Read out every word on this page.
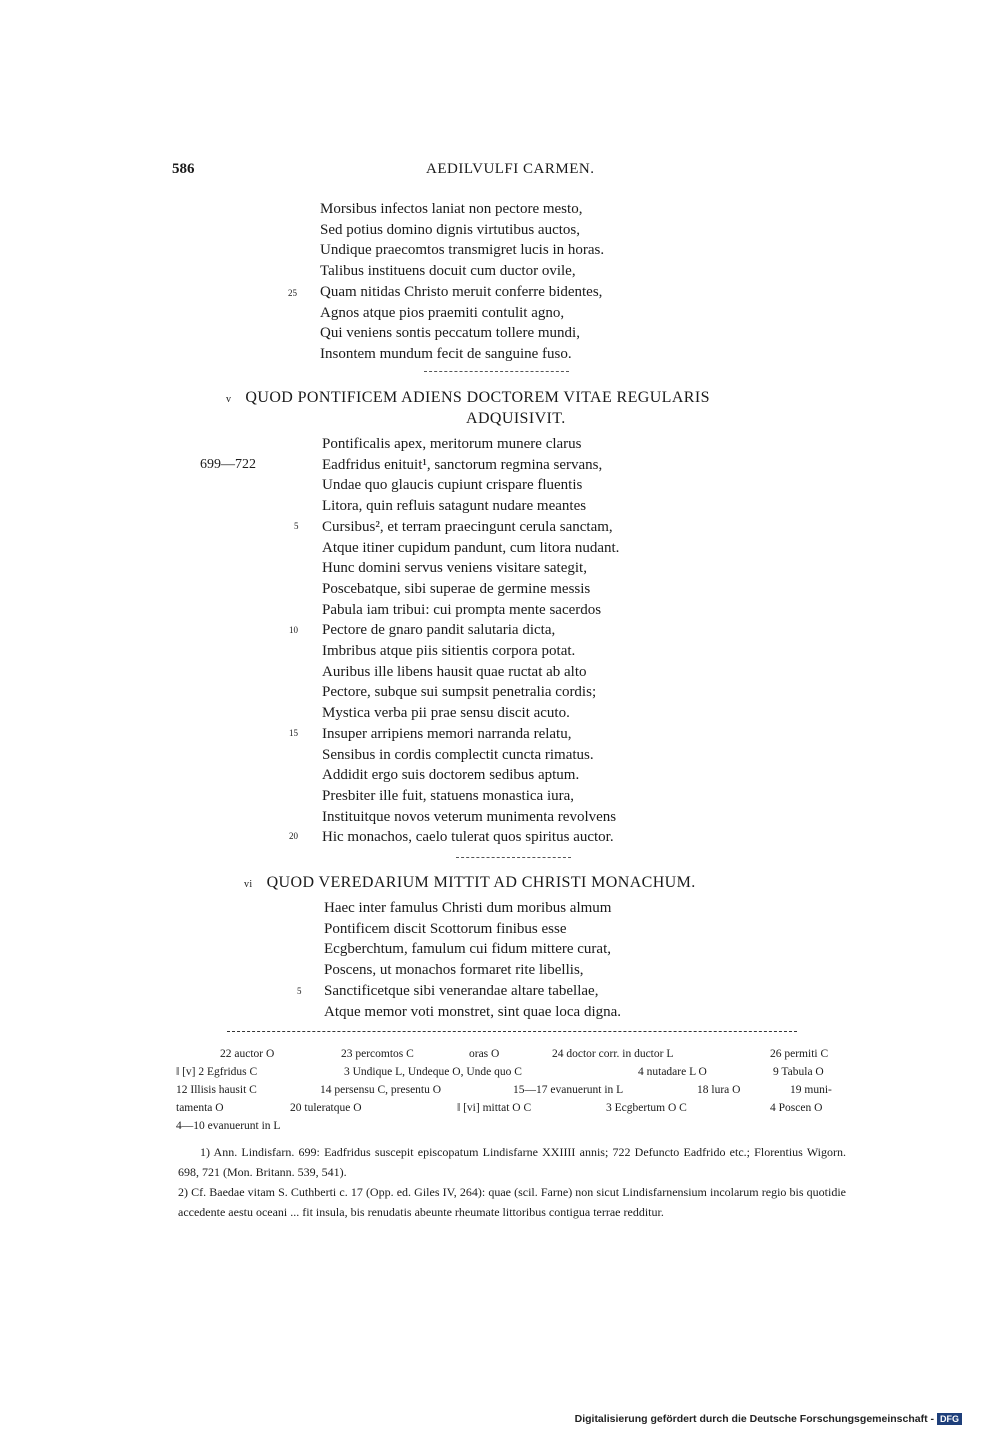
586	AEDILVULFI CARMEN.
Morsibus infectos laniat non pectore mesto,
Sed potius domino dignis virtutibus auctos,
Undique praecomtos transmigret lucis in horas.
Talibus instituens docuit cum ductor ovile,
Quam nitidas Christo meruit conferre bidentes,
Agnos atque pios praemiti contulit agno,
Qui veniens sontis peccatum tollere mundi,
Insontem mundum fecit de sanguine fuso.
25
v QUOD PONTIFICEM ADIENS DOCTOREM VITAE REGULARIS
ADQUISIVIT.
699—722
Pontificalis apex, meritorum munere clarus
Eadfridus enituit¹, sanctorum regmina servans,
Undae quo glaucis cupiunt crispare fluentis
Litora, quin refluis satagunt nudare meantes
Cursibus², et terram praecingunt cerula sanctam,
Atque itiner cupidum pandunt, cum litora nudant.
Hunc domini servus veniens visitare sategit,
Poscebatque, sibi superae de germine messis
Pabula iam tribui: cui prompta mente sacerdos
Pectore de gnaro pandit salutaria dicta,
Imbribus atque piis sitientis corpora potat.
Auribus ille libens hausit quae ructat ab alto
Pectore, subque sui sumpsit penetralia cordis;
Mystica verba pii prae sensu discit acuto.
Insuper arripiens memori narranda relatu,
Sensibus in cordis complectit cuncta rimatus.
Addidit ergo suis doctorem sedibus aptum.
Presbiter ille fuit, statuens monastica iura,
Instituitque novos veterum munimenta revolvens
Hic monachos, caelo tulerat quos spiritus auctor.
5
10
15
20
vi QUOD VEREDARIUM MITTIT AD CHRISTI MONACHUM.
Haec inter famulus Christi dum moribus almum
Pontificem discit Scottorum finibus esse
Ecgberchtum, famulum cui fidum mittere curat,
Poscens, ut monachos formaret rite libellis,
Sanctificetque sibi venerandae altare tabellae,
Atque memor voti monstret, sint quae loca digna.
5
22 auctor O	23 percomtos C	oras O	24 doctor corr. in ductor L	26 permiti C
‖ [v] 2 Egfridus C	3 Undique L, Undeque O, Unde quo C	4 nutadare L O	9 Tabula O
12 Illisis hausit C	14 persensu C, presentu O	15—17 evanuerunt in L	18 lura O	19 muni-
tamenta O	20 tuleratque O	‖ [vi] mittat O C	3 Ecgbertum O C	4 Poscen O
4—10 evanuerunt in L
1) Ann. Lindisfarn. 699: Eadfridus suscepit episcopatum Lindisfarne XXIIII annis; 722 Defuncto Eadfrido etc.; Florentius Wigorn. 698, 721 (Mon. Britann. 539, 541).
2) Cf. Baedae vitam S. Cuthberti c. 17 (Opp. ed. Giles IV, 264): quae (scil. Farne) non sicut Lindisfarnensium incolarum regio bis quotidie accedente aestu oceani ... fit insula, bis renudatis abeunte rheumate littoribus contigua terrae redditur.
Digitalisierung gefördert durch die Deutsche Forschungsgemeinschaft - DFG
